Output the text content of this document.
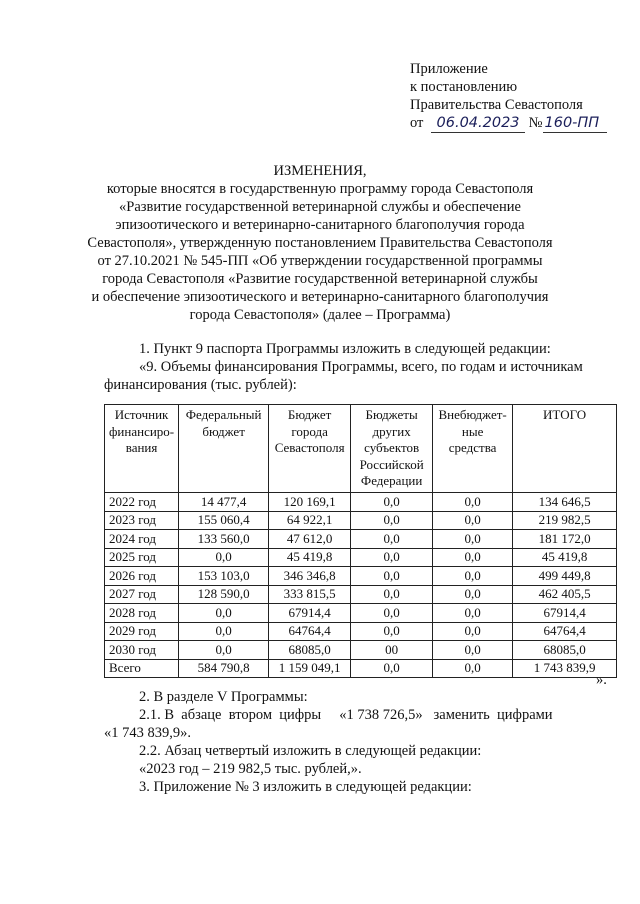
Приложение
к постановлению
Правительства Севастополя
от 06.04.2023 № 160-ПП
ИЗМЕНЕНИЯ,
которые вносятся в государственную программу города Севастополя
«Развитие государственной ветеринарной службы и обеспечение
эпизоотического и ветеринарно-санитарного благополучия города
Севастополя», утвержденную постановлением Правительства Севастополя
от 27.10.2021 № 545-ПП «Об утверждении государственной программы
города Севастополя «Развитие государственной ветеринарной службы
и обеспечение эпизоотического и ветеринарно-санитарного благополучия
города Севастополя» (далее – Программа)
1. Пункт 9 паспорта Программы изложить в следующей редакции:
«9. Объемы финансирования Программы, всего, по годам и источникам
финансирования (тыс. рублей):
Источник
финансиро-
вания	Федеральный
бюджет	Бюджет
города
Севастополя	Бюджеты
других
субъектов
Российской
Федерации	Внебюджет-
ные средства	ИТОГО
2022 год	14 477,4	120 169,1	0,0	0,0	134 646,5
2023 год	155 060,4	64 922,1	0,0	0,0	219 982,5
2024 год	133 560,0	47 612,0	0,0	0,0	181 172,0
2025 год	0,0	45 419,8	0,0	0,0	45 419,8
2026 год	153 103,0	346 346,8	0,0	0,0	499 449,8
2027 год	128 590,0	333 815,5	0,0	0,0	462 405,5
2028 год	0,0	67914,4	0,0	0,0	67914,4
2029 год	0,0	64764,4	0,0	0,0	64764,4
2030 год	0,0	68085,0	00	0,0	68085,0
Всего	584 790,8	1 159 049,1	0,0	0,0	1 743 839,9
».
2. В разделе V Программы:
2.1. В  абзаце  втором  цифры     «1 738 726,5»   заменить  цифрами
«1 743 839,9».
2.2. Абзац четвертый изложить в следующей редакции:
«2023 год – 219 982,5 тыс. рублей,».
3. Приложение № 3 изложить в следующей редакции:
